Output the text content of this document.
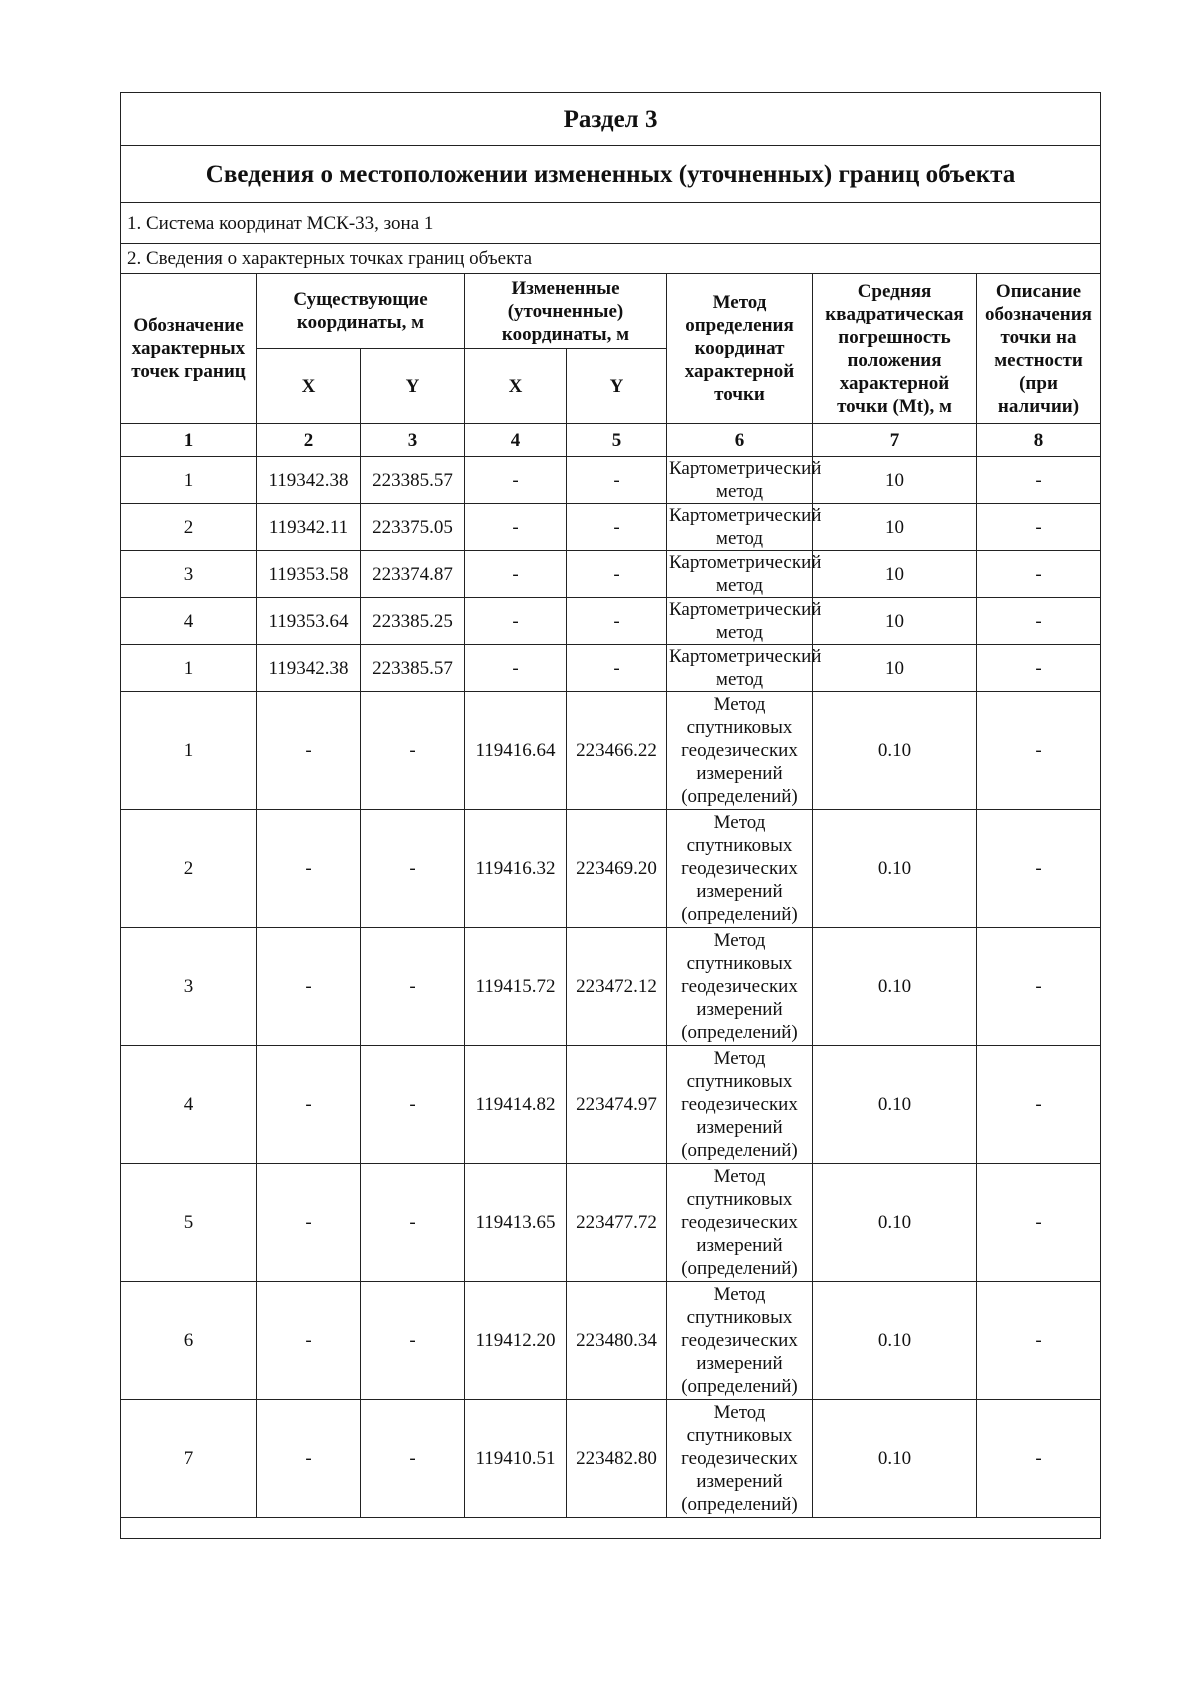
Раздел 3							
Сведения о местоположении измененных (уточненных) границ объекта							
1. Система координат МСК-33, зона 1							
2. Сведения о характерных точках границ объекта							
Обозначение характерных точек границ	Существующие координаты, м		Измененные (уточненные) координаты, м		Метод определения координат характерной точки	Средняя квадратическая погрешность положения характерной точки (Mt), м	Описание обозначения точки на местности (при наличии)
	X	Y	X	Y			
1	2	3	4	5	6	7	8
1	119342.38	223385.57	-	-	Картометрический метод	10	-
2	119342.11	223375.05	-	-	Картометрический метод	10	-
3	119353.58	223374.87	-	-	Картометрический метод	10	-
4	119353.64	223385.25	-	-	Картометрический метод	10	-
1	119342.38	223385.57	-	-	Картометрический метод	10	-
1	-	-	119416.64	223466.22	Метод спутниковых геодезических измерений (определений)	0.10	-
2	-	-	119416.32	223469.20	Метод спутниковых геодезических измерений (определений)	0.10	-
3	-	-	119415.72	223472.12	Метод спутниковых геодезических измерений (определений)	0.10	-
4	-	-	119414.82	223474.97	Метод спутниковых геодезических измерений (определений)	0.10	-
5	-	-	119413.65	223477.72	Метод спутниковых геодезических измерений (определений)	0.10	-
6	-	-	119412.20	223480.34	Метод спутниковых геодезических измерений (определений)	0.10	-
7	-	-	119410.51	223482.80	Метод спутниковых геодезических измерений (определений)	0.10	-
